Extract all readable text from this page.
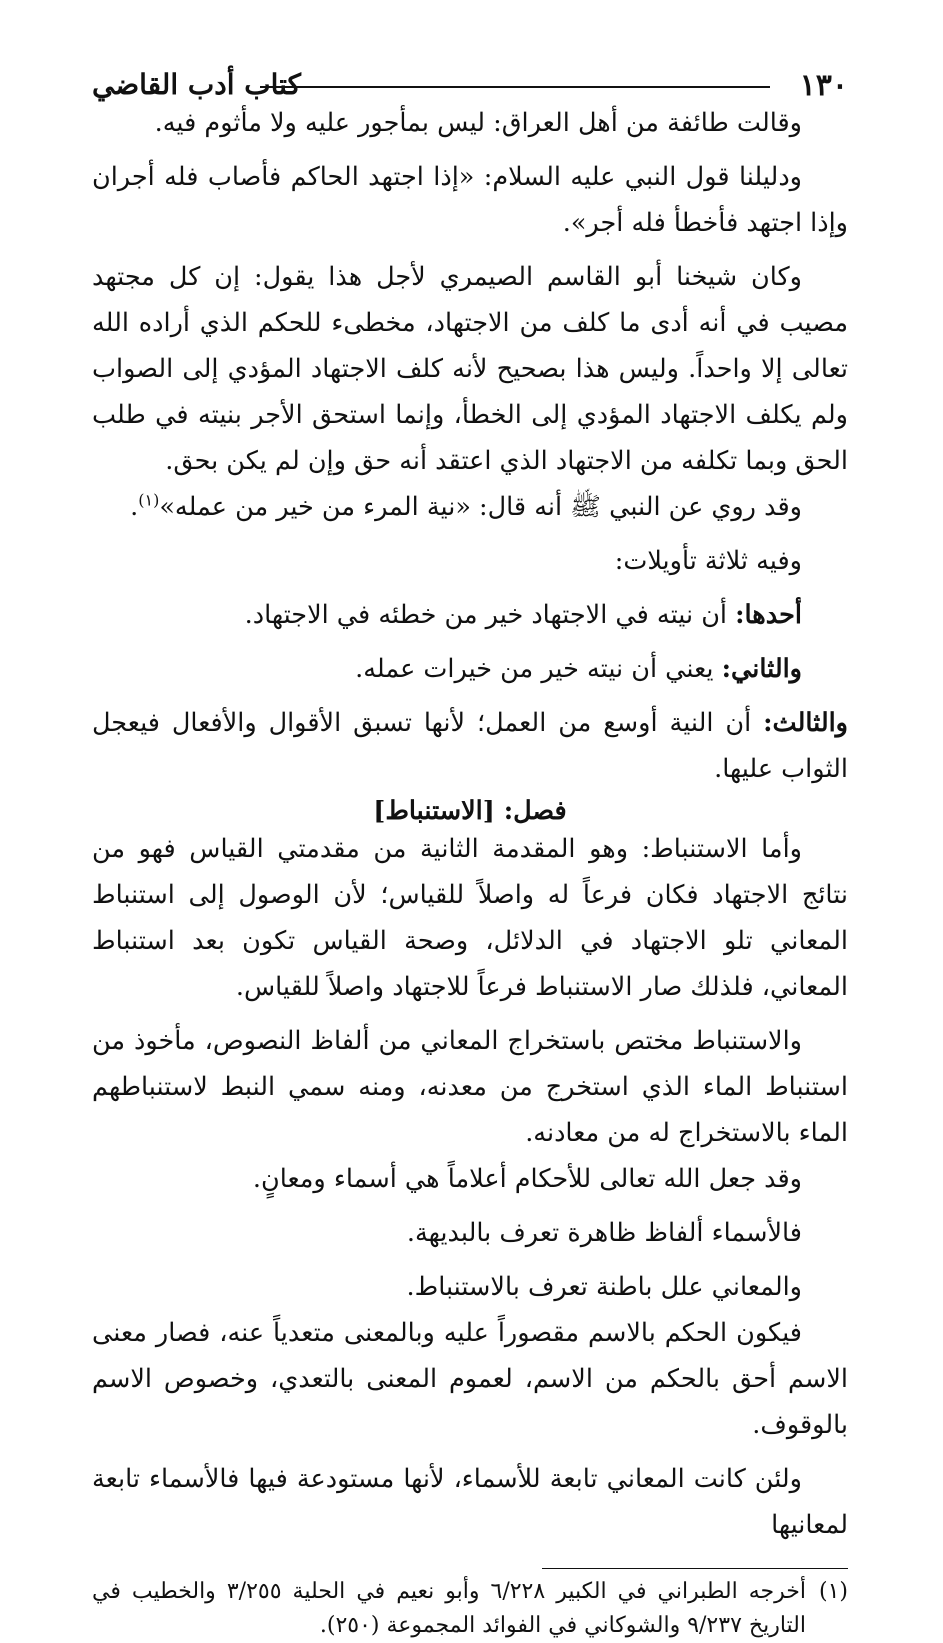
١٣٠
كتاب أدب القاضي

وقالت طائفة من أهل العراق: ليس بمأجور عليه ولا مأثوم فيه.

ودليلنا قول النبي عليه السلام: «إذا اجتهد الحاكم فأصاب فله أجران وإذا اجتهد فأخطأ فله أجر».

وكان شيخنا أبو القاسم الصيمري لأجل هذا يقول: إن كل مجتهد مصيب في أنه أدى ما كلف من الاجتهاد، مخطىء للحكم الذي أراده الله تعالى إلا واحداً. وليس هذا بصحيح لأنه كلف الاجتهاد المؤدي إلى الصواب ولم يكلف الاجتهاد المؤدي إلى الخطأ، وإنما استحق الأجر بنيته في طلب الحق وبما تكلفه من الاجتهاد الذي اعتقد أنه حق وإن لم يكن بحق.

وقد روي عن النبي ﷺ أنه قال: «نية المرء من خير من عمله»$^{(١)}$.

وفيه ثلاثة تأويلات:

أحدها: أن نيته في الاجتهاد خير من خطئه في الاجتهاد.

والثاني: يعني أن نيته خير من خيرات عمله.

والثالث: أن النية أوسع من العمل؛ لأنها تسبق الأقوال والأفعال فيعجل الثواب عليها.

فصل: [الاستنباط]

وأما الاستنباط: وهو المقدمة الثانية من مقدمتي القياس فهو من نتائج الاجتهاد فكان فرعاً له واصلاً للقياس؛ لأن الوصول إلى استنباط المعاني تلو الاجتهاد في الدلائل، وصحة القياس تكون بعد استنباط المعاني، فلذلك صار الاستنباط فرعاً للاجتهاد واصلاً للقياس.

والاستنباط مختص باستخراج المعاني من ألفاظ النصوص، مأخوذ من استنباط الماء الذي استخرج من معدنه، ومنه سمي النبط لاستنباطهم الماء بالاستخراج له من معادنه.

وقد جعل الله تعالى للأحكام أعلاماً هي أسماء ومعانٍ.

فالأسماء ألفاظ ظاهرة تعرف بالبديهة.

والمعاني علل باطنة تعرف بالاستنباط.

فيكون الحكم بالاسم مقصوراً عليه وبالمعنى متعدياً عنه، فصار معنى الاسم أحق بالحكم من الاسم، لعموم المعنى بالتعدي، وخصوص الاسم بالوقوف.

ولئن كانت المعاني تابعة للأسماء، لأنها مستودعة فيها فالأسماء تابعة لمعانيها

(١)
أخرجه الطبراني في الكبير ٦/٢٢٨ وأبو نعيم في الحلية ٣/٢٥٥ والخطيب في التاريخ ٩/٢٣٧ والشوكاني في الفوائد المجموعة (٢٥٠).
